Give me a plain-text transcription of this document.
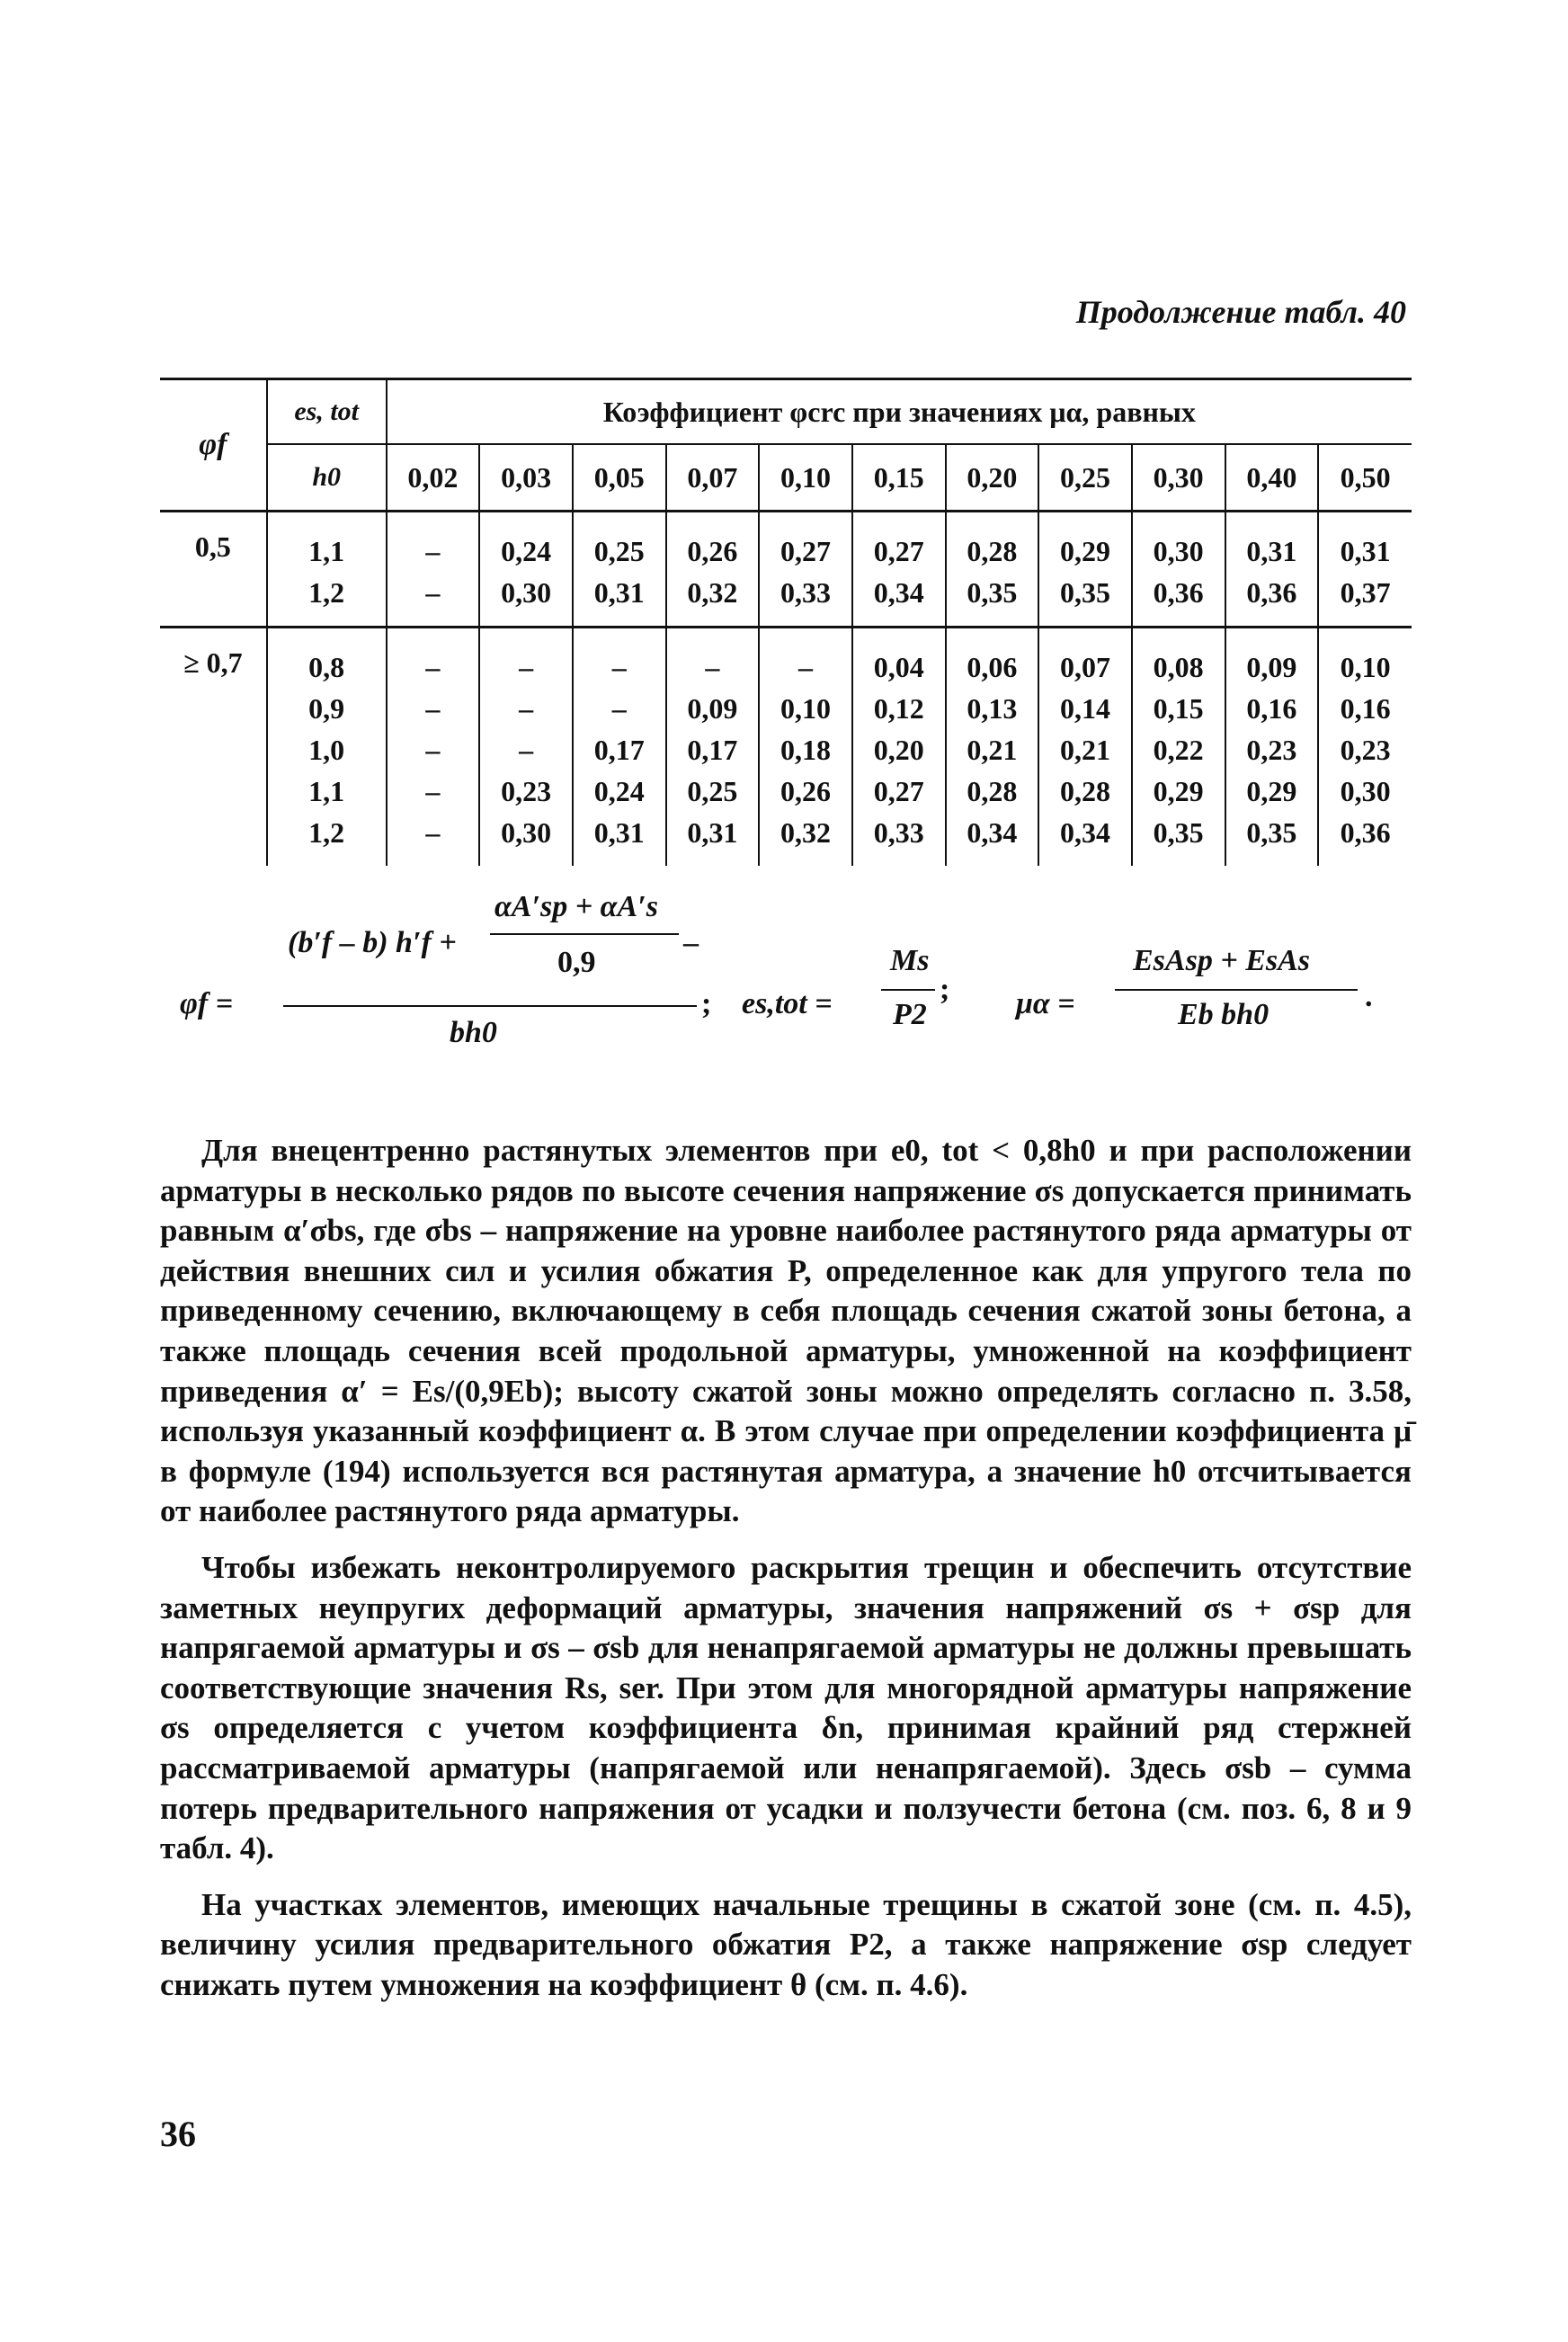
Продолжение табл. 40
φf	es, tot	Коэффициент φcrc при значениях μα, равных										
	h0	0,02	0,03	0,05	0,07	0,10	0,15	0,20	0,25	0,30	0,40	0,50
0,5	1,1	–	0,24	0,25	0,26	0,27	0,27	0,28	0,29	0,30	0,31	0,31
	1,2	–	0,30	0,31	0,32	0,33	0,34	0,35	0,35	0,36	0,36	0,37
≥ 0,7	0,8	–	–	–	–	–	0,04	0,06	0,07	0,08	0,09	0,10
	0,9	–	–	–	0,09	0,10	0,12	0,13	0,14	0,15	0,16	0,16
	1,0	–	–	0,17	0,17	0,18	0,20	0,21	0,21	0,22	0,23	0,23
	1,1	–	0,23	0,24	0,25	0,26	0,27	0,28	0,28	0,29	0,29	0,30
	1,2	–	0,30	0,31	0,31	0,32	0,33	0,34	0,34	0,35	0,35	0,36
φf =
(b′f – b) h′f +
αA′sp + αA′s
0,9
–
bh0
; es,tot =
Ms
P2
; μα =
EsAsp + EsAs
Eb bh0
.

Для внецентренно растянутых элементов при e0, tot < 0,8h0 и при расположении арматуры в несколько рядов по высоте сечения напряжение σs допускается принимать равным α′σbs, где σbs – напряжение на уровне наиболее растянутого ряда арматуры от действия внешних сил и усилия обжатия P, определенное как для упругого тела по приведенному сечению, включающему в себя площадь сечения сжатой зоны бетона, а также площадь сечения всей продольной арматуры, умноженной на коэффициент приведения α′ = Es/(0,9Eb); высоту сжатой зоны можно определять согласно п. 3.58, используя указанный коэффициент α. В этом случае при определении коэффициента μ̄ в формуле (194) используется вся растянутая арматура, а значение h0 отсчитывается от наиболее растянутого ряда арматуры.

Чтобы избежать неконтролируемого раскрытия трещин и обеспечить отсутствие заметных неупругих деформаций арматуры, значения напряжений σs + σsp для напрягаемой арматуры и σs – σsb для ненапрягаемой арматуры не должны превышать соответствующие значения Rs, ser. При этом для многорядной арматуры напряжение σs определяется с учетом коэффициента δn, принимая крайний ряд стержней рассматриваемой арматуры (напрягаемой или ненапрягаемой). Здесь σsb – сумма потерь предварительного напряжения от усадки и ползучести бетона (см. поз. 6, 8 и 9 табл. 4).

На участках элементов, имеющих начальные трещины в сжатой зоне (см. п. 4.5), величину усилия предварительного обжатия P2, а также напряжение σsp следует снижать путем умножения на коэффициент θ (см. п. 4.6).

36
